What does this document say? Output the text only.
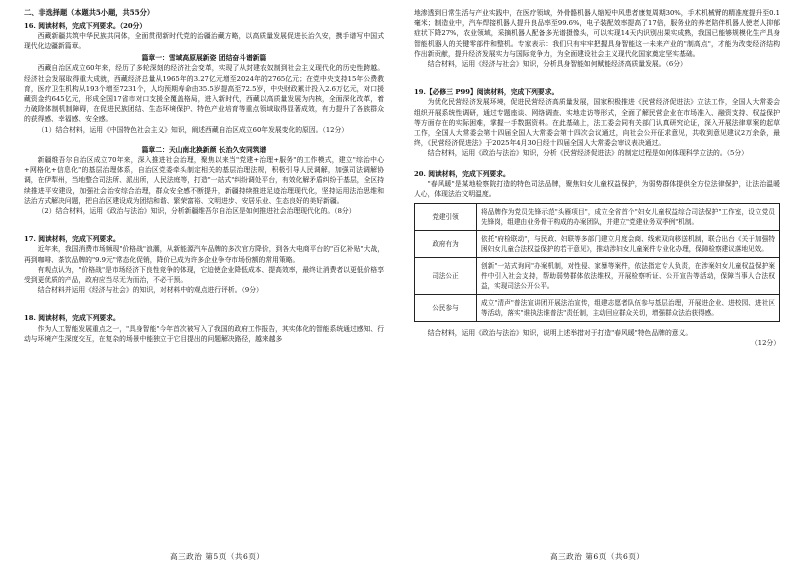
二、非选择题（本题共5小题，共55分）
16. 阅读材料，完成下列要求。（20分）
西藏新疆共筑中华民族共同体，全面贯彻新时代党的治疆治藏方略，以高质量发展促进长治久安，携手谱写中国式现代化边疆新篇章。
篇章一：雪域高原展新姿 团结奋斗谱新篇
西藏自治区成立60年来，经历了多轮深刻的经济社会变革，实现了从封建农奴制到社会主义现代化的历史性跨越。经济社会发展取得重大成就，西藏经济总量从1965年的3.27亿元增至2024年的2765亿元；在党中央支持15年公费教育，医疗卫生机构从193个增至7231个，人均预期寿命由35.5岁提高至72.5岁，中央财政累计投入2.6万亿元，对口援藏资金约645亿元，形成全国17省市对口支援全覆盖格局，进入新时代，西藏以高质量发展为内核，全面深化改革，着力破除体制机制障碍，在促进民族团结、生态环境保护、特色产业培育等重点领域取得显著成效，有力提升了各族群众的获得感、幸福感、安全感。
（1）结合材料，运用《中国特色社会主义》知识，阐述西藏自治区成立60年发展变化的原因。（12分）
篇章二：天山南北换新颜 长治久安同筑谱
新疆维吾尔自治区成立70年来，深入推进社会治理，聚焦以来当"党建+治理+服务"的工作模式，建立"综治中心+网格化+信息化"的基层治理体系，自治区党委牵头制定相关的基层治理法规，积极引导人民调解，加强司法调解协调，在伊犁州，当地整合司法所、派出所，人民法庭等，打造"一站式"纠纷调处平台，有效化解矛盾纠纷于基层，全区持续推进平安建设，加强社会治安综合治理，群众安全感不断提升，新疆持续推进足迹治理现代化，坚持运用法治思维和法治方式解决问题，把自治区建设成为团结和谐、繁荣富裕、文明进步、安居乐业、生态良好的美好新疆。
（2）结合材料，运用《政治与法治》知识，分析新疆维吾尔自治区是如何推进社会治理现代化的。（8分）
17. 阅读材料，完成下列要求。
近年来，我国消费市场频现"价格战"浪潮，从新能源汽车品牌的多次官方降价，到各大电商平台的"百亿补贴"大战，再到咖啡、茶饮品牌的"9.9元"常态化促销，降价已成为许多企业争夺市场份额的常用策略。
有观点认为，"价格战"是市场经济下良性竞争的体现，它迫使企业降低成本、提高效率，最终让消费者以更低价格享受到更优质的产品，政府应当尽无为而治，不必干预。
结合材料并运用《经济与社会》的知识，对材料中的观点进行评析。（9分）
18. 阅读材料，完成下列要求。
作为人工智能发展重点之一，"具身智能"今年首次被写入了我国的政府工作报告，其实体化的智能系统通过感知、行动与环境产生深度交互，在复杂的场景中能独立于它目提出的问题解决路径，越来越多
高三政治 第5页（共6页）
地渗透到日常生活与产业实践中，在医疗领域，外骨骼机器人缩短中风患者康复周期30%，手术机械臂的精准度提升至0.1毫米；制造业中，汽车焊接机器人提升良品率至99.6%，电子装配效率提高了17倍，服务业的养老陪伴机器人使老人抑郁症状下降27%，农业领域，采摘机器人配备多光谱摄像头，可以实现14天内识别出果实成熟，我国已能够规模化生产具身智能机器人的关键零部件和整机。专家表示：我们只有牢牢把握具身智能这一未来产业的"制高点"，才能为改变经济结构作出新贡献，提升经济发展实力与国际竞争力，为全面建设社会主义现代化国家奠定坚实基础。
结合材料，运用《经济与社会》知识，分析具身智能如何赋能经济高质量发展。（6分）
19.【必修三 P99】阅读材料，完成下列要求。
为优化民营经济发展环境，促进民营经济高质量发展，国家积极推进《民营经济促进法》立法工作，全国人大常委会组织开展系统性调研，通过专题座谈、网络调查、实地走访等形式，全面了解民营企业在市场准入、融资支持、权益保护等方面存在的实际困难，掌握一手数据资料。在此基础上，法工委会同有关部门认真研究论证，深入开展法律草案的起草工作，全国人大常委会第十四届全国人大常委会第十四次会议通过，向社会公开征求意见，共收到意见建议2万余条，最终，《民营经济促进法》于2025年4月30日经十四届全国人大常委会审议表决通过。
结合材料，运用《政治与法治》知识，分析《民营经济促进法》的制定过程是如何体现科学立法的。（5分）
20. 阅读材料，完成下列要求。
"春风暖"是某地检察院打造的特色司法品牌，聚焦妇女儿童权益保护，为弱势群体提供全方位法律保护，让法治温暖人心，体现法治文明温度。
党建引领	将品牌作为党员先锋示范"头雁项目"，成立全省首个"妇女儿童权益综合司法保护"工作室，设立党员先锋岗，组建由业务骨干构成的办案团队，并建立"党建业务双季例"机制。
政府有为	依托"府检联动"，与民政、妇联等多部门建立月度会商、线索双向移送机制，联合出台《关于加强特困妇女儿童合法权益保护的若干意见》，推动涉妇女儿童案件专业化办理，保障检察建议落地见效。
司法公正	创新"一站式询问"办案机制，对性侵、家暴等案件，依法指定专人负责，在涉案妇女儿童权益保护案件中引入社会支持，帮助弱势群体依法维权，开展检察听证、公开宣告等活动，保障当事人合法权益，实现司法公开公平。
公民参与	成立"清声"普法宣讲团开展法治宣传，组建志愿者队伍参与基层治理，开展进企业、进校园、进社区等活动，落实"谁执法谁普法"责任制，主动回应群众关切，增强群众法治获得感。
结合材料，运用《政治与法治》知识，说明上述举措对于打造"春风暖"特色品牌的意义。
（12分）
高三政治 第6页（共6页）
